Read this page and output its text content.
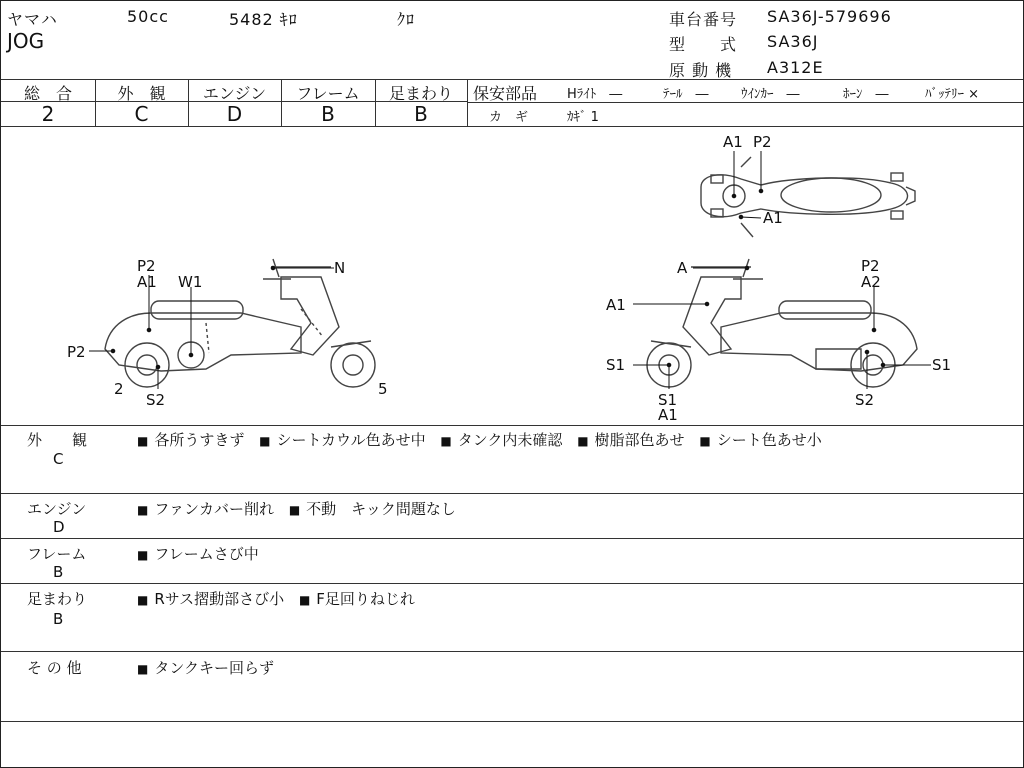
ヤマハ	50cc	5482 ｷﾛ	ｸﾛ
JOG
車台番号 SA36J-579696
型　　式 SA36J
原 動 機 A312E
総　合
2
外　観
C
エンジン
D
フレーム
B
足まわり
B
保安部品 Hﾗｲﾄ　―	ﾃｰﾙ　― ｳｲﾝｶｰ　―	ﾎｰﾝ　―	ﾊﾞｯﾃﾘｰ ×
カ　ギ	ｶｷﾞ 1
A1 P2
A1
P2
A1 W1
N
P2
2
S2
5
A
A1
P2
A2
S1	S1
S1
A1
S2
外　　観
C
■ 各所うすきず ■ シートカウル色あせ中 ■ タンク内未確認 ■ 樹脂部色あせ ■ シート色あせ小
エンジン
D
■ ファンカバー削れ ■ 不動　キック問題なし
フレーム
B
■ フレームさび中
足まわり
B
■ Rサス摺動部さび小 ■ F足回りねじれ
そ の 他	■ タンクキー回らず
